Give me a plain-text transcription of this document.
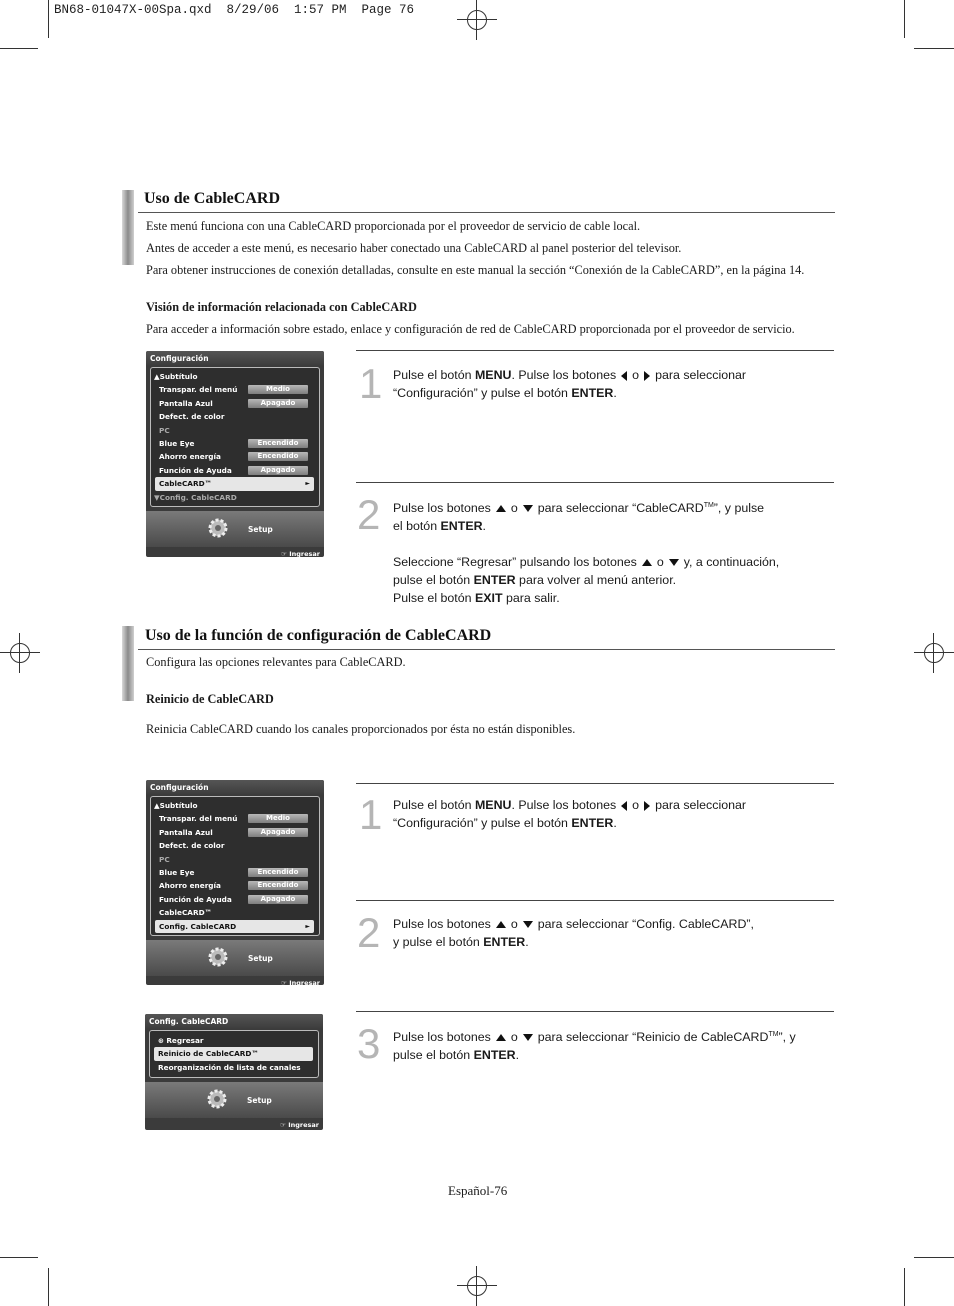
BN68-01047X-00Spa.qxd  8/29/06  1:57 PM  Page 76
Uso de CableCARD
Este menú funciona con una CableCARD proporcionada por el proveedor de servicio de cable local.
Antes de acceder a este menú, es necesario haber conectado una CableCARD al panel posterior del televisor.
Para obtener instrucciones de conexión detalladas, consulte en este manual la sección “Conexión de la CableCARD”, en la página 14.
Visión de información relacionada con CableCARD
Para acceder a información sobre estado, enlace y configuración de red de CableCARD proporcionada por el proveedor de servicio.
Configuración
▲Subtítulo
Transpar. del menú	Medio
Pantalla Azul	Apagado
Defect. de color
PC
Blue Eye	Encendido
Ahorro energía	Encendido
Función de Ayuda	Apagado
CableCARD™	►
▼Config. CableCARD
Setup
☞ Ingresar
1 Pulse el botón MENU. Pulse los botones o para seleccionar
“Configuración” y pulse el botón ENTER.
2 Pulse los botones o para seleccionar “CableCARD™”, y pulse
el botón ENTER.
Seleccione “Regresar” pulsando los botones o y, a continuación,
pulse el botón ENTER para volver al menú anterior.
Pulse el botón EXIT para salir.
Uso de la función de configuración de CableCARD
Configura las opciones relevantes para CableCARD.
Reinicio de CableCARD
Reinicia CableCARD cuando los canales proporcionados por ésta no están disponibles.
Configuración
▲Subtítulo
Transpar. del menú	Medio
Pantalla Azul	Apagado
Defect. de color
PC
Blue Eye	Encendido
Ahorro energía	Encendido
Función de Ayuda	Apagado
CableCARD™
Config. CableCARD	►
Setup
☞ Ingresar
Config. CableCARD
⊛ Regresar
Reinicio de CableCARD™
Reorganización de lista de canales
Setup
☞ Ingresar
1 Pulse el botón MENU. Pulse los botones o para seleccionar
“Configuración” y pulse el botón ENTER.
2 Pulse los botones o para seleccionar “Config. CableCARD”,
y pulse el botón ENTER.
3 Pulse los botones o para seleccionar “Reinicio de CableCARD™”, y
pulse el botón ENTER.
Español-76
